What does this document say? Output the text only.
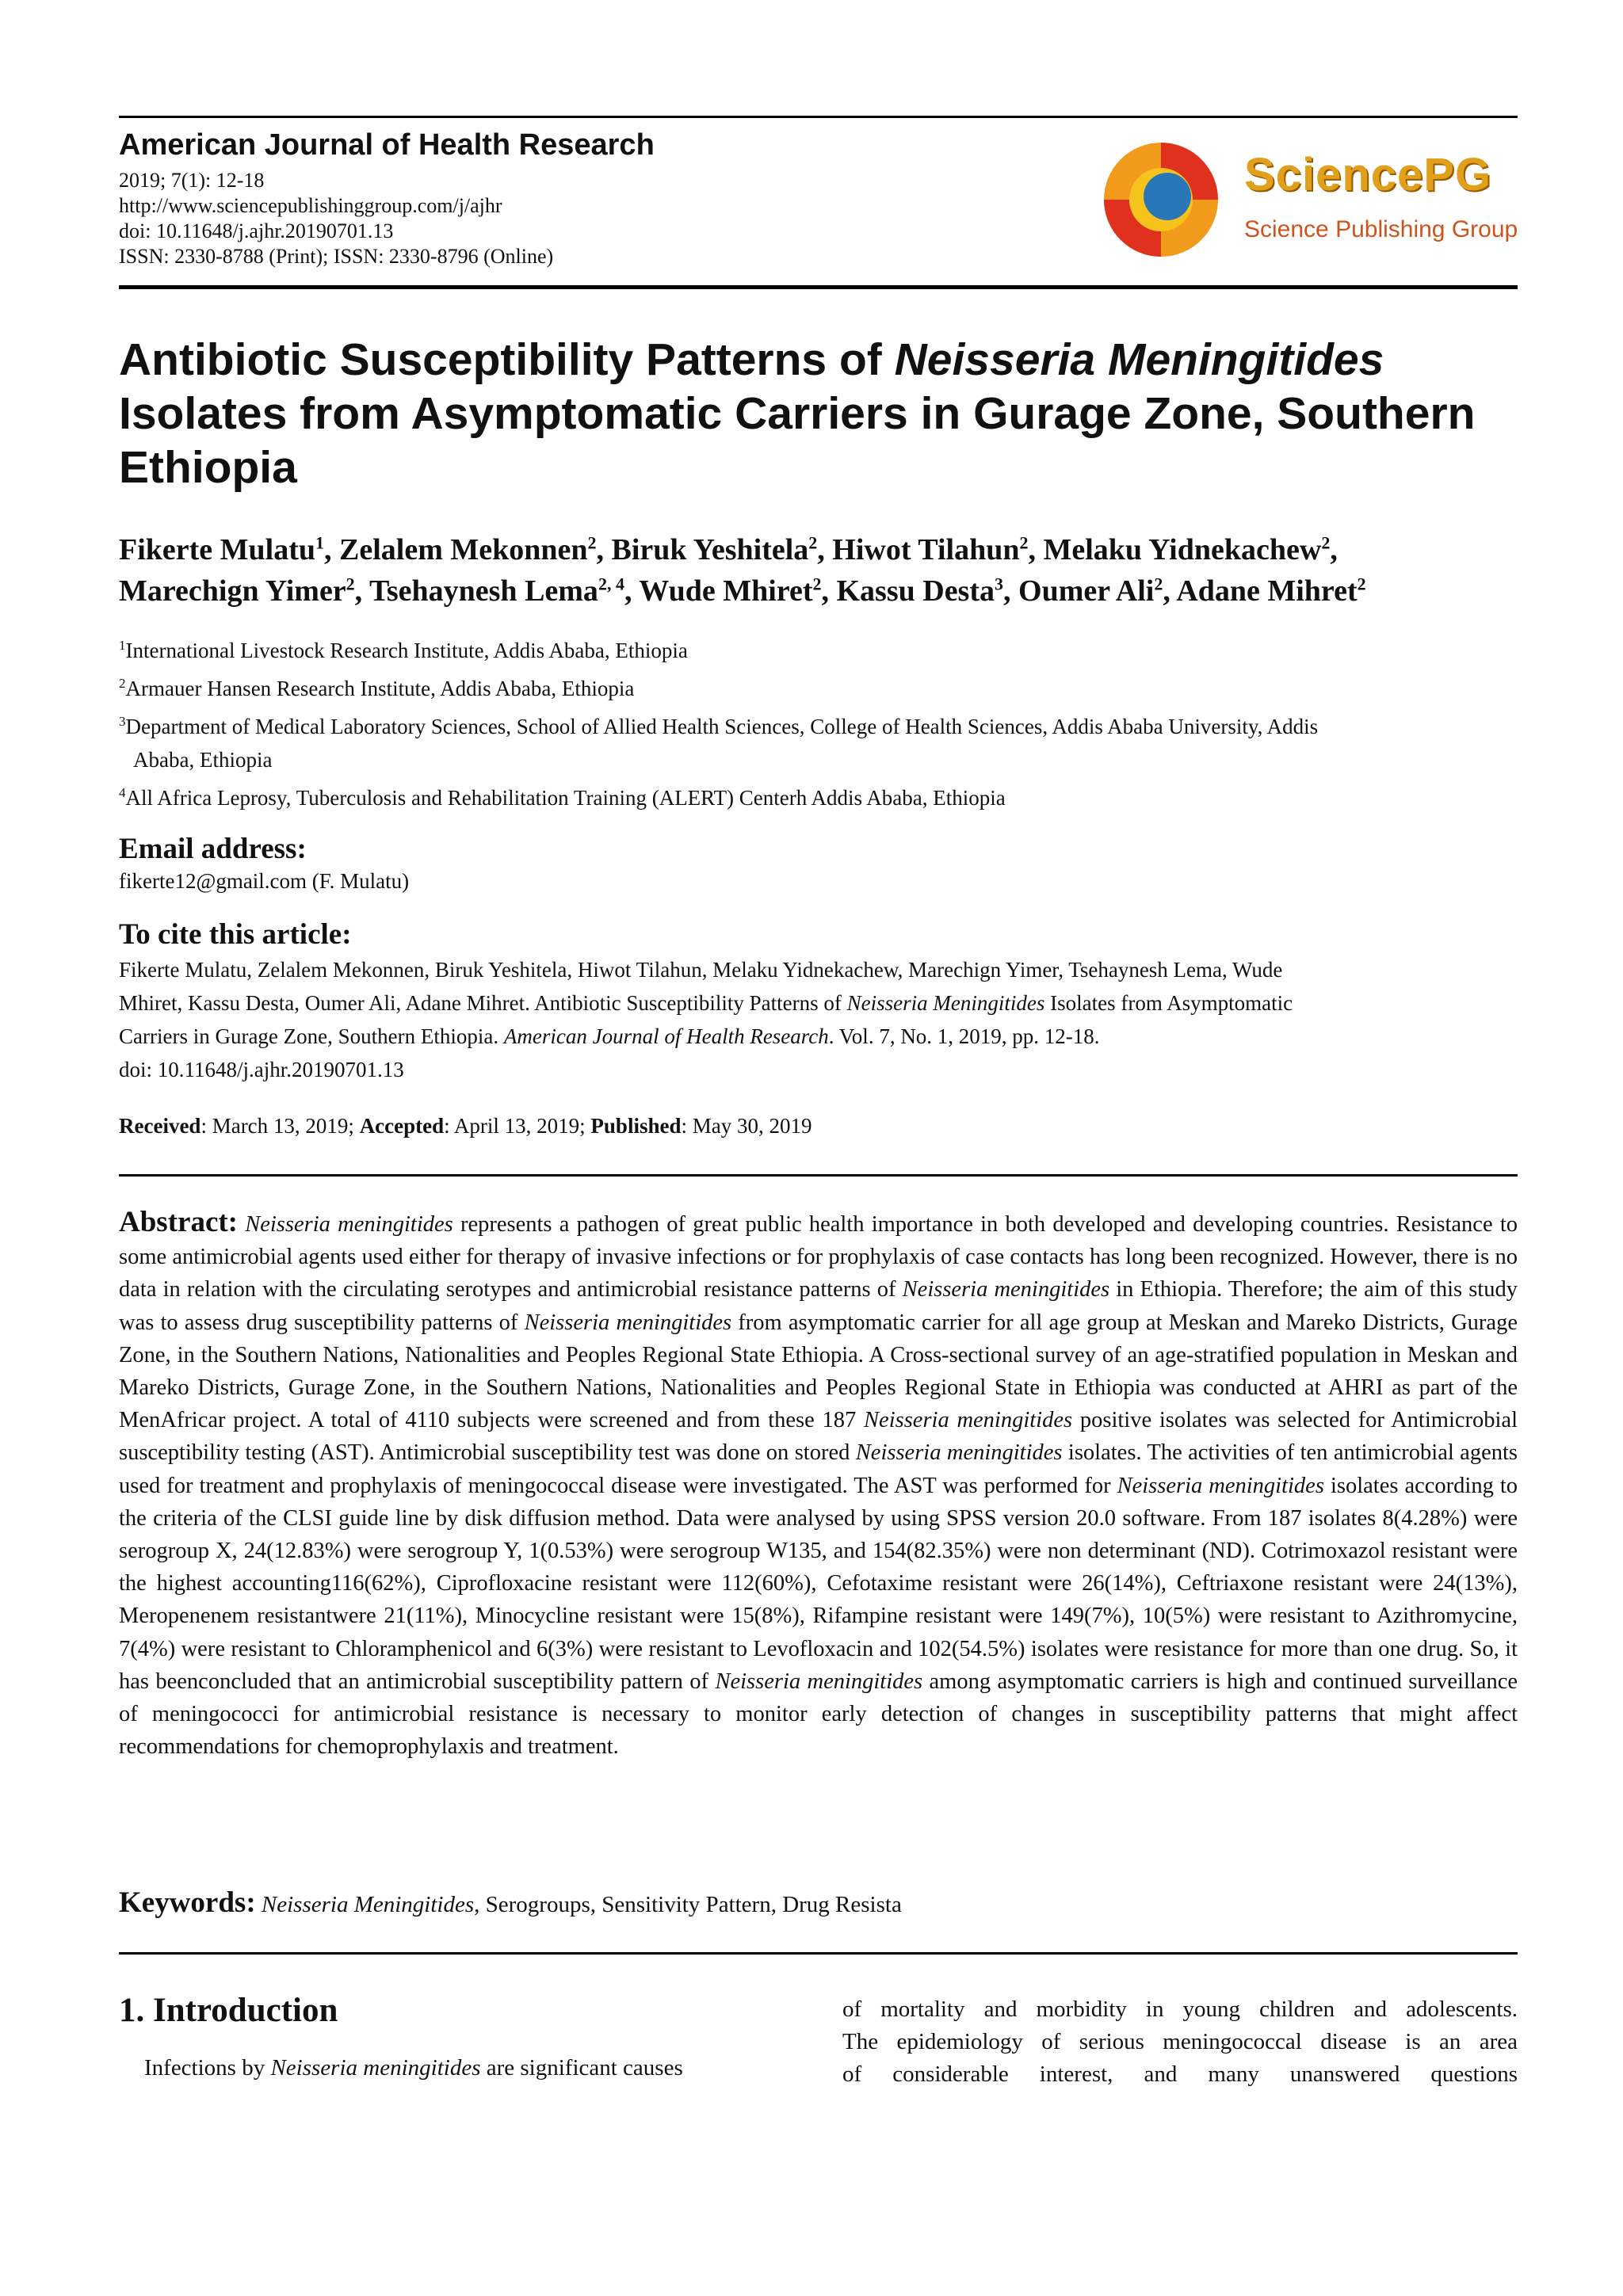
American Journal of Health Research
2019; 7(1): 12-18
http://www.sciencepublishinggroup.com/j/ajhr
doi: 10.11648/j.ajhr.20190701.13
ISSN: 2330-8788 (Print); ISSN: 2330-8796 (Online)
SciencePG
Science Publishing Group
Antibiotic Susceptibility Patterns of Neisseria Meningitides Isolates from Asymptomatic Carriers in Gurage Zone, Southern Ethiopia
Fikerte Mulatu$^1$, Zelalem Mekonnen$^2$, Biruk Yeshitela$^2$, Hiwot Tilahun$^2$, Melaku Yidnekachew$^2$,
Marechign Yimer$^2$, Tsehaynesh Lema$^{2, 4}$, Wude Mhiret$^2$, Kassu Desta$^3$, Oumer Ali$^2$, Adane Mihret$^2$
$^1$International Livestock Research Institute, Addis Ababa, Ethiopia
$^2$Armauer Hansen Research Institute, Addis Ababa, Ethiopia
$^3$Department of Medical Laboratory Sciences, School of Allied Health Sciences, College of Health Sciences, Addis Ababa University, Addis
Ababa, Ethiopia
$^4$All Africa Leprosy, Tuberculosis and Rehabilitation Training (ALERT) Centerh Addis Ababa, Ethiopia
Email address:
fikerte12@gmail.com (F. Mulatu)
To cite this article:
Fikerte Mulatu, Zelalem Mekonnen, Biruk Yeshitela, Hiwot Tilahun, Melaku Yidnekachew, Marechign Yimer, Tsehaynesh Lema, Wude
Mhiret, Kassu Desta, Oumer Ali, Adane Mihret. Antibiotic Susceptibility Patterns of Neisseria Meningitides Isolates from Asymptomatic
Carriers in Gurage Zone, Southern Ethiopia. American Journal of Health Research. Vol. 7, No. 1, 2019, pp. 12-18.
doi: 10.11648/j.ajhr.20190701.13
Received: March 13, 2019; Accepted: April 13, 2019; Published: May 30, 2019
Abstract: Neisseria meningitides represents a pathogen of great public health importance in both developed and developing countries. Resistance to some antimicrobial agents used either for therapy of invasive infections or for prophylaxis of case contacts has long been recognized. However, there is no data in relation with the circulating serotypes and antimicrobial resistance patterns of Neisseria meningitides in Ethiopia. Therefore; the aim of this study was to assess drug susceptibility patterns of Neisseria meningitides from asymptomatic carrier for all age group at Meskan and Mareko Districts, Gurage Zone, in the Southern Nations, Nationalities and Peoples Regional State Ethiopia. A Cross-sectional survey of an age-stratified population in Meskan and Mareko Districts, Gurage Zone, in the Southern Nations, Nationalities and Peoples Regional State in Ethiopia was conducted at AHRI as part of the MenAfricar project. A total of 4110 subjects were screened and from these 187 Neisseria meningitides positive isolates was selected for Antimicrobial susceptibility testing (AST). Antimicrobial susceptibility test was done on stored Neisseria meningitides isolates. The activities of ten antimicrobial agents used for treatment and prophylaxis of meningococcal disease were investigated. The AST was performed for Neisseria meningitides isolates according to the criteria of the CLSI guide line by disk diffusion method. Data were analysed by using SPSS version 20.0 software. From 187 isolates 8(4.28%) were serogroup X, 24(12.83%) were serogroup Y, 1(0.53%) were serogroup W135, and 154(82.35%) were non determinant (ND). Cotrimoxazol resistant were the highest accounting116(62%), Ciprofloxacine resistant were 112(60%), Cefotaxime resistant were 26(14%), Ceftriaxone resistant were 24(13%), Meropenenem resistantwere 21(11%), Minocycline resistant were 15(8%), Rifampine resistant were 149(7%), 10(5%) were resistant to Azithromycine, 7(4%) were resistant to Chloramphenicol and 6(3%) were resistant to Levofloxacin and 102(54.5%) isolates were resistance for more than one drug. So, it has beenconcluded that an antimicrobial susceptibility pattern of Neisseria meningitides among asymptomatic carriers is high and continued surveillance of meningococci for antimicrobial resistance is necessary to monitor early detection of changes in susceptibility patterns that might affect recommendations for chemoprophylaxis and treatment.
Keywords: Neisseria Meningitides, Serogroups, Sensitivity Pattern, Drug Resista
1. Introduction
Infections by Neisseria meningitides are significant causes
of mortality and morbidity in young children and adolescents.
The epidemiology of serious meningococcal disease is an area
of considerable interest, and many unanswered questions
